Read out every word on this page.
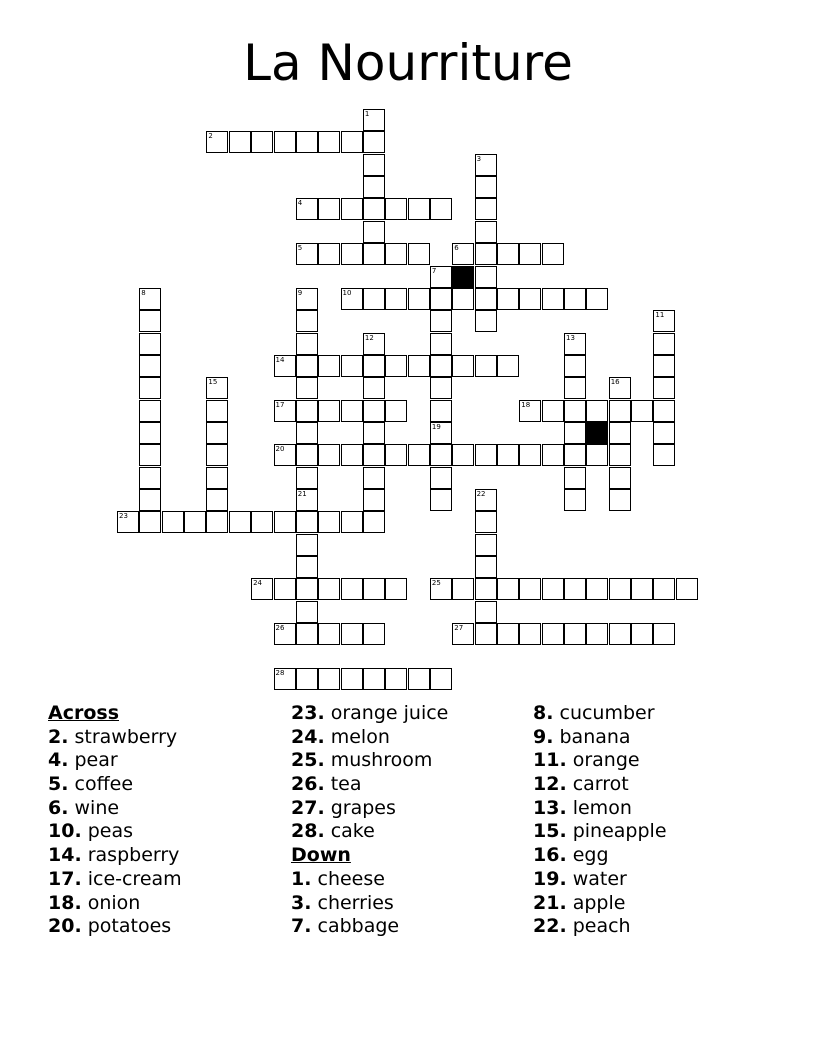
La Nourriture
1
2
3
4
5	6
7
19
8	9
21
10
11
12	13
14
15	16
17	18
20
22
23
24	25
26	27
28
Across
2. strawberry
4. pear
5. coffee
6. wine
10. peas
14. raspberry
17. ice-cream
18. onion
20. potatoes
23. orange juice
24. melon
25. mushroom
26. tea
27. grapes
28. cake
Down
1. cheese
3. cherries
7. cabbage
8. cucumber
9. banana
11. orange
12. carrot
13. lemon
15. pineapple
16. egg
19. water
21. apple
22. peach
